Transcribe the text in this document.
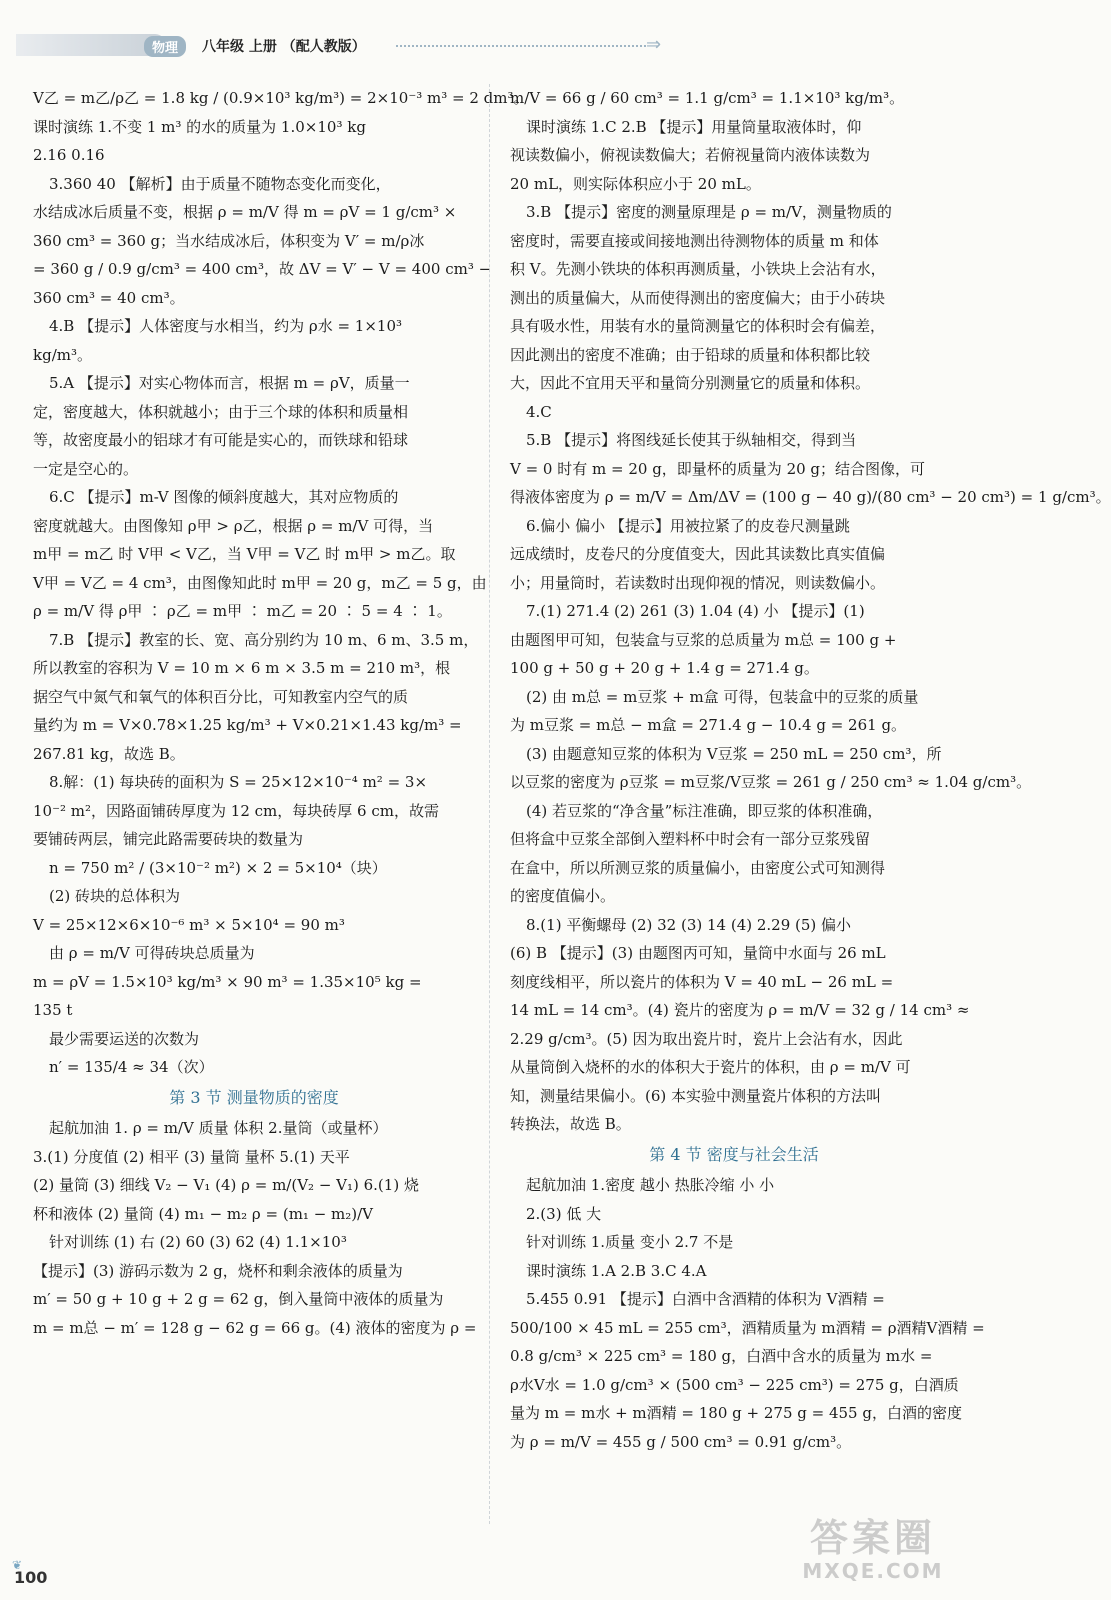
物理	八年级 上册 （配人教版）	⇒

V乙 = m乙/ρ乙 = 1.8 kg / (0.9×10³ kg/m³) = 2×10⁻³ m³ = 2 dm³。

课时演练 1.不变 1 m³ 的水的质量为 1.0×10³ kg

2.16 0.16

3.360 40 【解析】由于质量不随物态变化而变化，

水结成冰后质量不变，根据 ρ = m/V 得 m = ρV = 1 g/cm³ ×

360 cm³ = 360 g；当水结成冰后，体积变为 V′ = m/ρ冰

= 360 g / 0.9 g/cm³ = 400 cm³，故 ΔV = V′ − V = 400 cm³ −

360 cm³ = 40 cm³。

4.B 【提示】人体密度与水相当，约为 ρ水 = 1×10³

kg/m³。

5.A 【提示】对实心物体而言，根据 m = ρV，质量一

定，密度越大，体积就越小；由于三个球的体积和质量相

等，故密度最小的铝球才有可能是实心的，而铁球和铅球

一定是空心的。

6.C 【提示】m-V 图像的倾斜度越大，其对应物质的

密度就越大。由图像知 ρ甲 > ρ乙，根据 ρ = m/V 可得，当

m甲 = m乙 时 V甲 < V乙，当 V甲 = V乙 时 m甲 > m乙。取

V甲 = V乙 = 4 cm³，由图像知此时 m甲 = 20 g，m乙 = 5 g，由

ρ = m/V 得 ρ甲 ∶ ρ乙 = m甲 ∶ m乙 = 20 ∶ 5 = 4 ∶ 1。

7.B 【提示】教室的长、宽、高分别约为 10 m、6 m、3.5 m，

所以教室的容积为 V = 10 m × 6 m × 3.5 m = 210 m³，根

据空气中氮气和氧气的体积百分比，可知教室内空气的质

量约为 m = V×0.78×1.25 kg/m³ + V×0.21×1.43 kg/m³ =

267.81 kg，故选 B。

8.解：(1) 每块砖的面积为 S = 25×12×10⁻⁴ m² = 3×

10⁻² m²，因路面铺砖厚度为 12 cm，每块砖厚 6 cm，故需

要铺砖两层，铺完此路需要砖块的数量为

n = 750 m² / (3×10⁻² m²) × 2 = 5×10⁴（块）

(2) 砖块的总体积为

V = 25×12×6×10⁻⁶ m³ × 5×10⁴ = 90 m³

由 ρ = m/V 可得砖块总质量为

m = ρV = 1.5×10³ kg/m³ × 90 m³ = 1.35×10⁵ kg =

135 t

最少需要运送的次数为

n′ = 135/4 ≈ 34（次）

第 3 节 测量物质的密度

起航加油 1. ρ = m/V 质量 体积 2.量筒（或量杯）

3.(1) 分度值 (2) 相平 (3) 量筒 量杯 5.(1) 天平

(2) 量筒 (3) 细线 V₂ − V₁ (4) ρ = m/(V₂ − V₁) 6.(1) 烧

杯和液体 (2) 量筒 (4) m₁ − m₂ ρ = (m₁ − m₂)/V

针对训练 (1) 右 (2) 60 (3) 62 (4) 1.1×10³

【提示】(3) 游码示数为 2 g，烧杯和剩余液体的质量为

m′ = 50 g + 10 g + 2 g = 62 g，倒入量筒中液体的质量为

m = m总 − m′ = 128 g − 62 g = 66 g。(4) 液体的密度为 ρ =

m/V = 66 g / 60 cm³ = 1.1 g/cm³ = 1.1×10³ kg/m³。

课时演练 1.C 2.B 【提示】用量筒量取液体时，仰

视读数偏小，俯视读数偏大；若俯视量筒内液体读数为

20 mL，则实际体积应小于 20 mL。

3.B 【提示】密度的测量原理是 ρ = m/V，测量物质的

密度时，需要直接或间接地测出待测物体的质量 m 和体

积 V。先测小铁块的体积再测质量，小铁块上会沾有水，

测出的质量偏大，从而使得测出的密度偏大；由于小砖块

具有吸水性，用装有水的量筒测量它的体积时会有偏差，

因此测出的密度不准确；由于铅球的质量和体积都比较

大，因此不宜用天平和量筒分别测量它的质量和体积。

4.C

5.B 【提示】将图线延长使其于纵轴相交，得到当

V = 0 时有 m = 20 g，即量杯的质量为 20 g；结合图像，可

得液体密度为 ρ = m/V = Δm/ΔV = (100 g − 40 g)/(80 cm³ − 20 cm³) = 1 g/cm³。

6.偏小 偏小 【提示】用被拉紧了的皮卷尺测量跳

远成绩时，皮卷尺的分度值变大，因此其读数比真实值偏

小；用量筒时，若读数时出现仰视的情况，则读数偏小。

7.(1) 271.4 (2) 261 (3) 1.04 (4) 小 【提示】(1)

由题图甲可知，包装盒与豆浆的总质量为 m总 = 100 g +

100 g + 50 g + 20 g + 1.4 g = 271.4 g。

(2) 由 m总 = m豆浆 + m盒 可得，包装盒中的豆浆的质量

为 m豆浆 = m总 − m盒 = 271.4 g − 10.4 g = 261 g。

(3) 由题意知豆浆的体积为 V豆浆 = 250 mL = 250 cm³，所

以豆浆的密度为 ρ豆浆 = m豆浆/V豆浆 = 261 g / 250 cm³ ≈ 1.04 g/cm³。

(4) 若豆浆的“净含量”标注准确，即豆浆的体积准确，

但将盒中豆浆全部倒入塑料杯中时会有一部分豆浆残留

在盒中，所以所测豆浆的质量偏小，由密度公式可知测得

的密度值偏小。

8.(1) 平衡螺母 (2) 32 (3) 14 (4) 2.29 (5) 偏小

(6) B 【提示】(3) 由题图丙可知，量筒中水面与 26 mL

刻度线相平，所以瓷片的体积为 V = 40 mL − 26 mL =

14 mL = 14 cm³。(4) 瓷片的密度为 ρ = m/V = 32 g / 14 cm³ ≈

2.29 g/cm³。(5) 因为取出瓷片时，瓷片上会沾有水，因此

从量筒倒入烧杯的水的体积大于瓷片的体积，由 ρ = m/V 可

知，测量结果偏小。(6) 本实验中测量瓷片体积的方法叫

转换法，故选 B。

第 4 节 密度与社会生活

起航加油 1.密度 越小 热胀冷缩 小 小

2.(3) 低 大

针对训练 1.质量 变小 2.7 不是

课时演练 1.A 2.B 3.C 4.A

5.455 0.91 【提示】白酒中含酒精的体积为 V酒精 =

500/100 × 45 mL = 255 cm³，酒精质量为 m酒精 = ρ酒精V酒精 =

0.8 g/cm³ × 225 cm³ = 180 g，白酒中含水的质量为 m水 =

ρ水V水 = 1.0 g/cm³ × (500 cm³ − 225 cm³) = 275 g，白酒质

量为 m = m水 + m酒精 = 180 g + 275 g = 455 g，白酒的密度

为 ρ = m/V = 455 g / 500 cm³ = 0.91 g/cm³。

❦
100
答案圈
MXQE.COM
